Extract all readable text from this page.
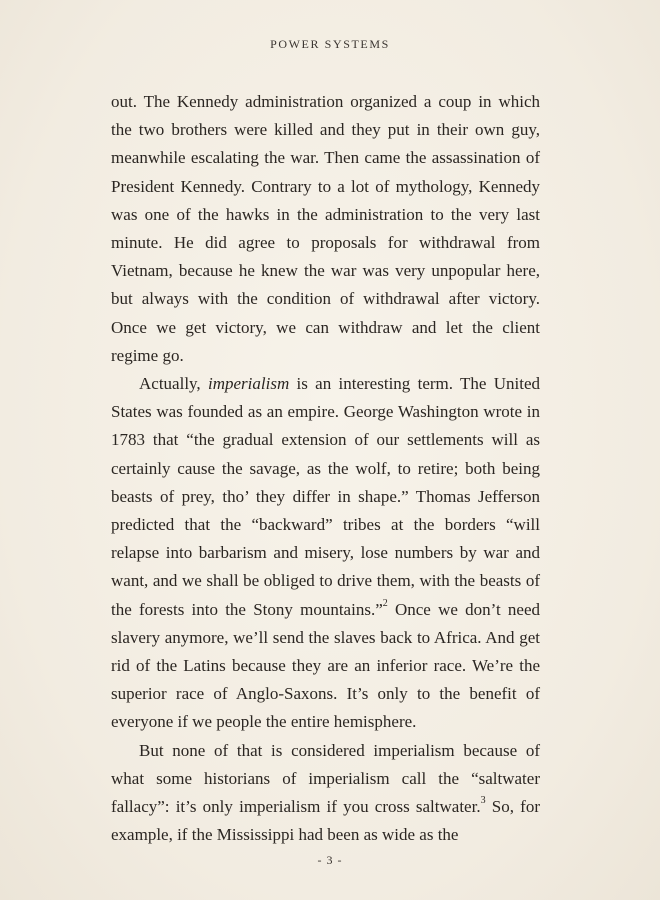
POWER SYSTEMS

out. The Kennedy administration organized a coup in which the two brothers were killed and they put in their own guy, meanwhile escalating the war. Then came the assassination of President Kennedy. Contrary to a lot of mythology, Kennedy was one of the hawks in the administration to the very last minute. He did agree to proposals for withdrawal from Vietnam, because he knew the war was very unpopular here, but always with the condition of withdrawal after victory. Once we get victory, we can withdraw and let the client regime go.

Actually, imperialism is an interesting term. The United States was founded as an empire. George Washington wrote in 1783 that “the gradual extension of our settlements will as certainly cause the savage, as the wolf, to retire; both being beasts of prey, tho’ they differ in shape.” Thomas Jefferson predicted that the “backward” tribes at the borders “will relapse into barbarism and misery, lose numbers by war and want, and we shall be obliged to drive them, with the beasts of the forests into the Stony mountains.”$^2$ Once we don’t need slavery anymore, we’ll send the slaves back to Africa. And get rid of the Latins because they are an inferior race. We’re the superior race of Anglo-Saxons. It’s only to the benefit of everyone if we people the entire hemisphere.

But none of that is considered imperialism because of what some historians of imperialism call the “saltwater fallacy”: it’s only imperialism if you cross saltwater.$^3$ So, for example, if the Mississippi had been as wide as the

- 3 -
